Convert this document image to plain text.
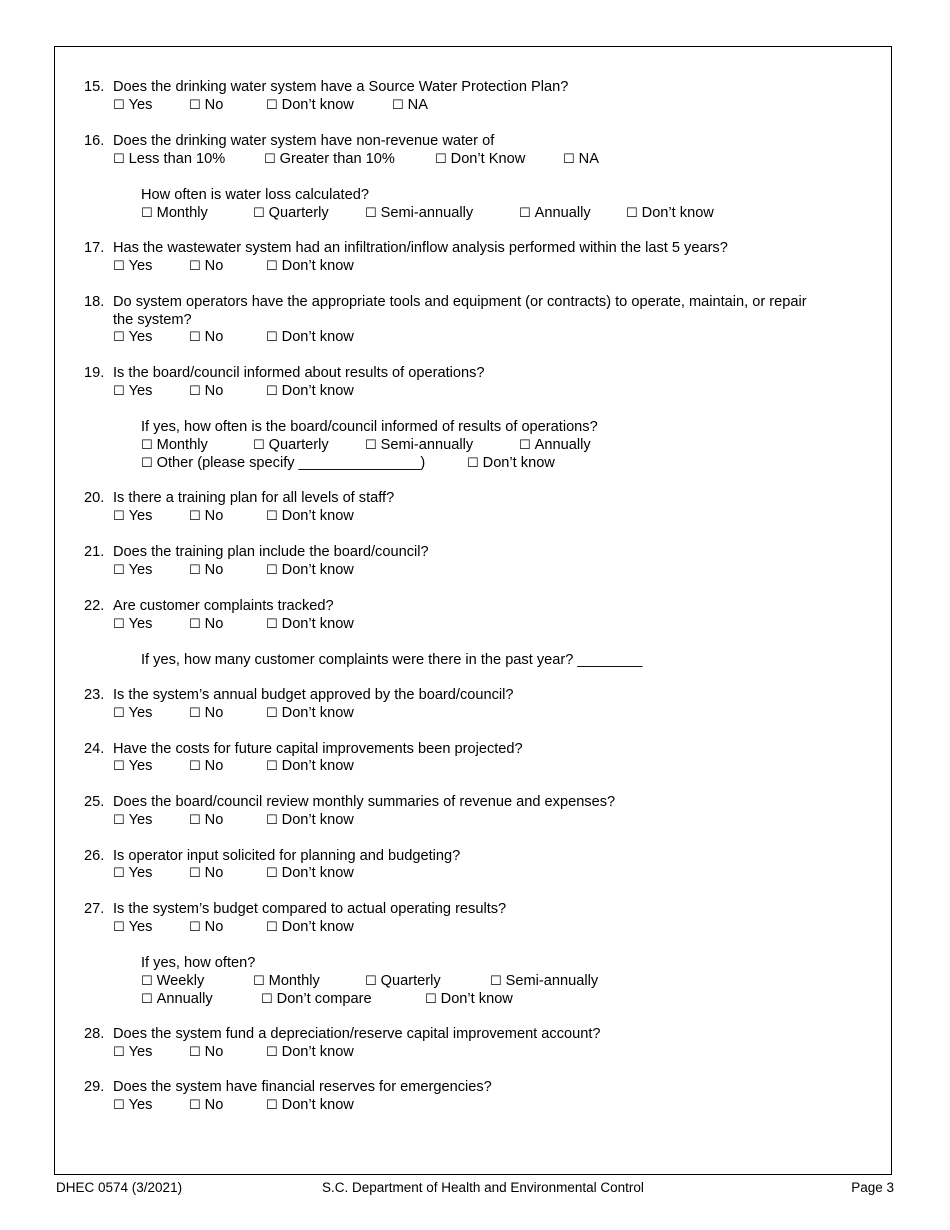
15. Does the drinking water system have a Source Water Protection Plan?
☐ Yes	☐ No	☐ Don’t know	☐ NA
16. Does the drinking water system have non-revenue water of
☐ Less than 10%	☐ Greater than 10%	☐ Don’t Know	☐ NA
How often is water loss calculated?
☐ Monthly	☐ Quarterly	☐ Semi-annually	☐ Annually	☐ Don’t know
17. Has the wastewater system had an infiltration/inflow analysis performed within the last 5 years?
☐ Yes	☐ No	☐ Don’t know
18. Do system operators have the appropriate tools and equipment (or contracts) to operate, maintain, or repair
the system?
☐ Yes	☐ No	☐ Don’t know
19. Is the board/council informed about results of operations?
☐ Yes	☐ No	☐ Don’t know
If yes, how often is the board/council informed of results of operations?
☐ Monthly	☐ Quarterly	☐ Semi-annually	☐ Annually
☐ Other (please specify _______________)	☐ Don’t know
20. Is there a training plan for all levels of staff?
☐ Yes	☐ No	☐ Don’t know
21. Does the training plan include the board/council?
☐ Yes	☐ No	☐ Don’t know
22. Are customer complaints tracked?
☐ Yes	☐ No	☐ Don’t know
If yes, how many customer complaints were there in the past year? ________
23. Is the system’s annual budget approved by the board/council?
☐ Yes	☐ No	☐ Don’t know
24. Have the costs for future capital improvements been projected?
☐ Yes	☐ No	☐ Don’t know
25. Does the board/council review monthly summaries of revenue and expenses?
☐ Yes	☐ No	☐ Don’t know
26. Is operator input solicited for planning and budgeting?
☐ Yes	☐ No	☐ Don’t know
27. Is the system’s budget compared to actual operating results?
☐ Yes	☐ No	☐ Don’t know
If yes, how often?
☐ Weekly	☐ Monthly	☐ Quarterly	☐ Semi-annually
☐ Annually	☐ Don’t compare	☐ Don’t know
28. Does the system fund a depreciation/reserve capital improvement account?
☐ Yes	☐ No	☐ Don’t know
29. Does the system have financial reserves for emergencies?
☐ Yes	☐ No	☐ Don’t know
DHEC 0574 (3/2021)	S.C. Department of Health and Environmental Control	Page 3
